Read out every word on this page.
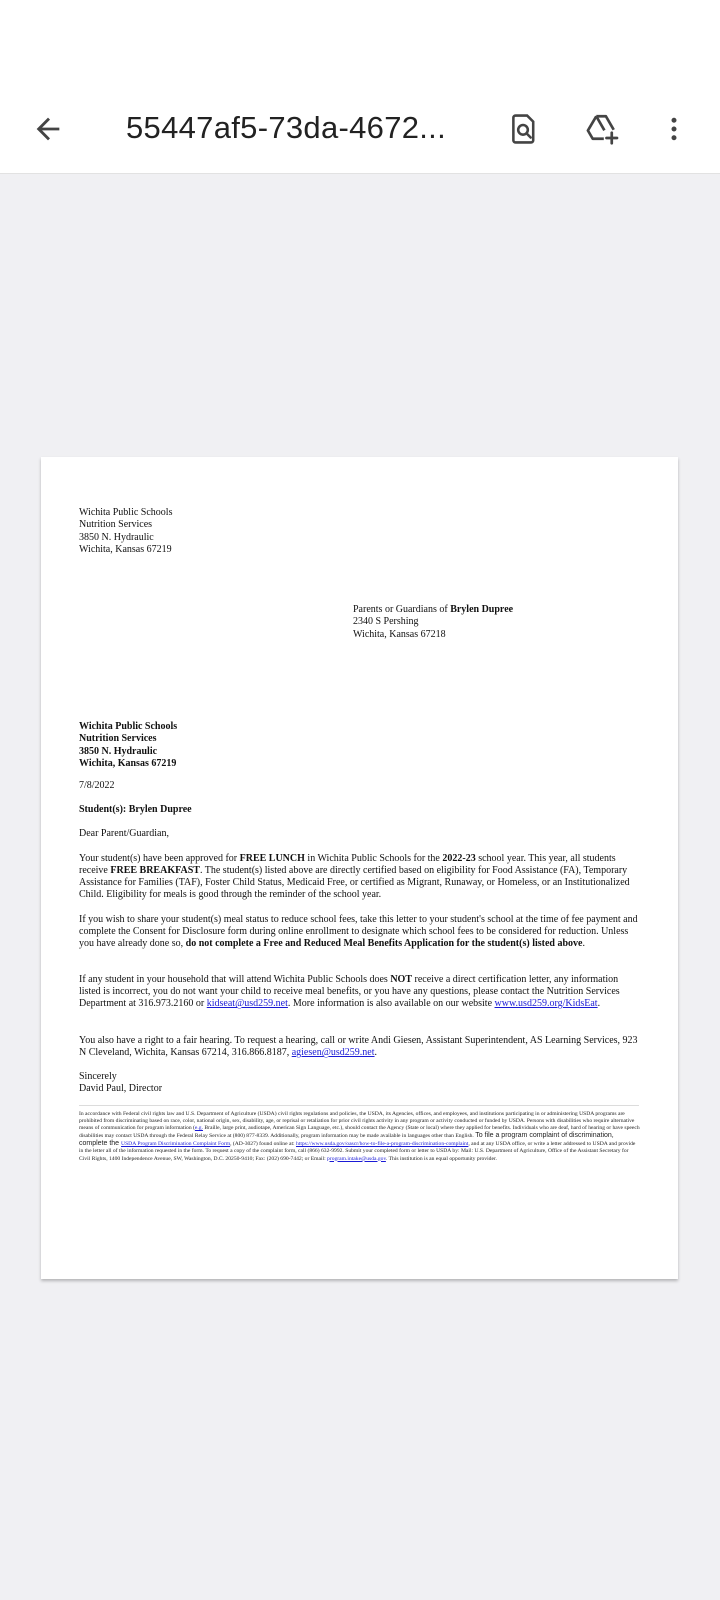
55447af5-73da-4672...
Wichita Public Schools
Nutrition Services
3850 N. Hydraulic
Wichita, Kansas 67219
Parents or Guardians of Brylen Dupree
2340 S Pershing
Wichita, Kansas 67218
Wichita Public Schools
Nutrition Services
3850 N. Hydraulic
Wichita, Kansas 67219
7/8/2022
Student(s): Brylen Dupree
Dear Parent/Guardian,
Your student(s) have been approved for FREE LUNCH in Wichita Public Schools for the 2022-23 school year. This year, all students receive FREE BREAKFAST. The student(s) listed above are directly certified based on eligibility for Food Assistance (FA), Temporary Assistance for Families (TAF), Foster Child Status, Medicaid Free, or certified as Migrant, Runaway, or Homeless, or an Institutionalized Child. Eligibility for meals is good through the reminder of the school year.
If you wish to share your student(s) meal status to reduce school fees, take this letter to your student's school at the time of fee payment and complete the Consent for Disclosure form during online enrollment to designate which school fees to be considered for reduction. Unless you have already done so, do not complete a Free and Reduced Meal Benefits Application for the student(s) listed above.
If any student in your household that will attend Wichita Public Schools does NOT receive a direct certification letter, any information listed is incorrect, you do not want your child to receive meal benefits, or you have any questions, please contact the Nutrition Services Department at 316.973.2160 or kidseat@usd259.net. More information is also available on our website www.usd259.org/KidsEat.
You also have a right to a fair hearing. To request a hearing, call or write Andi Giesen, Assistant Superintendent, AS Learning Services, 923 N Cleveland, Wichita, Kansas 67214, 316.866.8187, agiesen@usd259.net.
Sincerely
David Paul, Director
In accordance with Federal civil rights law and U.S. Department of Agriculture (USDA) civil rights regulations and policies, the USDA, its Agencies, offices, and employees, and institutions participating in or administering USDA programs are prohibited from discriminating based on race, color, national origin, sex, disability, age, or reprisal or retaliation for prior civil rights activity in any program or activity conducted or funded by USDA. Persons with disabilities who require alternative means of communication for program information (e.g. Braille, large print, audiotape, American Sign Language, etc.), should contact the Agency (State or local) where they applied for benefits. Individuals who are deaf, hard of hearing or have speech disabilities may contact USDA through the Federal Relay Service at (800) 877-8339. Additionally, program information may be made available in languages other than English. To file a program complaint of discrimination, complete the USDA Program Discrimination Complaint Form, (AD-3027) found online at: https://www.usda.gov/oascr/how-to-file-a-program-discrimination-complaint, and at any USDA office, or write a letter addressed to USDA and provide in the letter all of the information requested in the form. To request a copy of the complaint form, call (866) 632-9992. Submit your completed form or letter to USDA by: Mail: U.S. Department of Agriculture, Office of the Assistant Secretary for Civil Rights, 1400 Independence Avenue, SW, Washington, D.C. 20250-9410; Fax: (202) 690-7442; or Email: program.intake@usda.gov. This institution is an equal opportunity provider.
